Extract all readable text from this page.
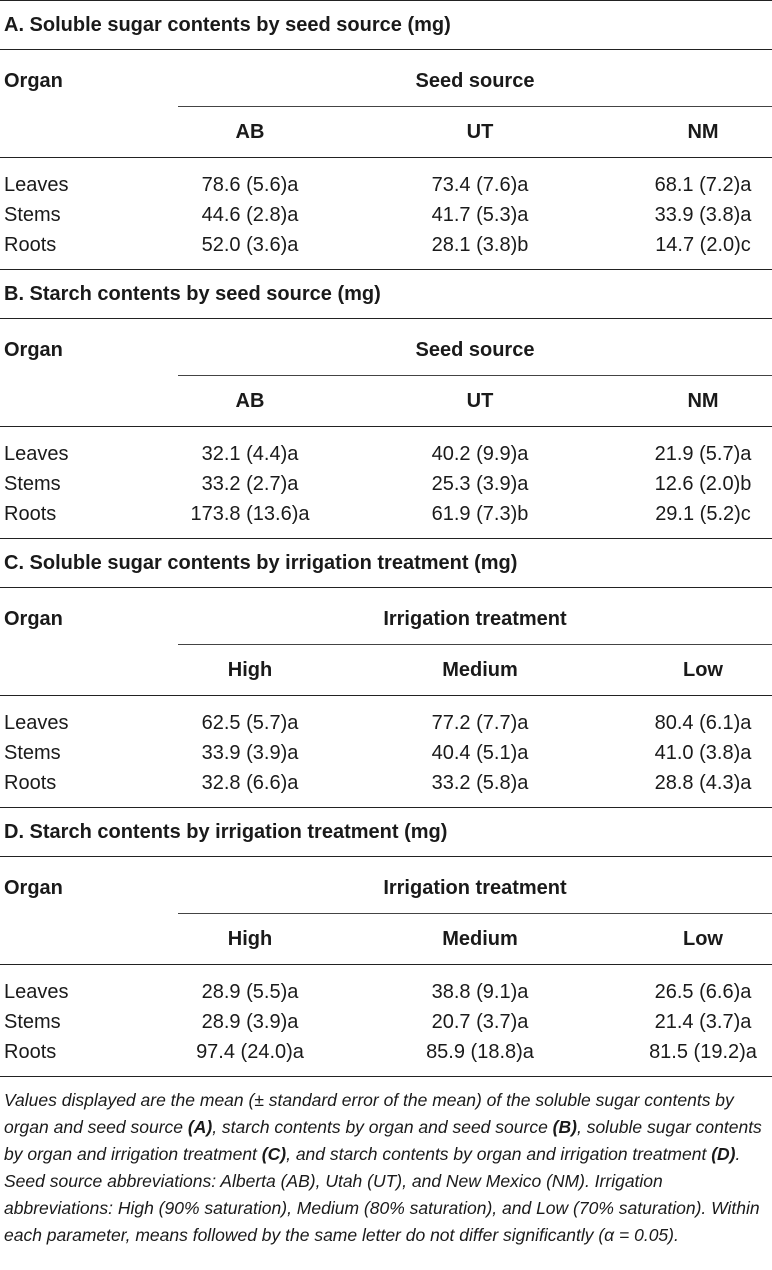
A. Soluble sugar contents by seed source (mg)
Organ	Seed source
AB	UT	NM
Leaves	78.6 (5.6)a	73.4 (7.6)a	68.1 (7.2)a
Stems	44.6 (2.8)a	41.7 (5.3)a	33.9 (3.8)a
Roots	52.0 (3.6)a	28.1 (3.8)b	14.7 (2.0)c
B. Starch contents by seed source (mg)
Organ	Seed source
AB	UT	NM
Leaves	32.1 (4.4)a	40.2 (9.9)a	21.9 (5.7)a
Stems	33.2 (2.7)a	25.3 (3.9)a	12.6 (2.0)b
Roots	173.8 (13.6)a	61.9 (7.3)b	29.1 (5.2)c
C. Soluble sugar contents by irrigation treatment (mg)
Organ	Irrigation treatment
High	Medium	Low
Leaves	62.5 (5.7)a	77.2 (7.7)a	80.4 (6.1)a
Stems	33.9 (3.9)a	40.4 (5.1)a	41.0 (3.8)a
Roots	32.8 (6.6)a	33.2 (5.8)a	28.8 (4.3)a
D. Starch contents by irrigation treatment (mg)
Organ	Irrigation treatment
High	Medium	Low
Leaves	28.9 (5.5)a	38.8 (9.1)a	26.5 (6.6)a
Stems	28.9 (3.9)a	20.7 (3.7)a	21.4 (3.7)a
Roots	97.4 (24.0)a	85.9 (18.8)a	81.5 (19.2)a
Values displayed are the mean (± standard error of the mean) of the soluble sugar contents by organ and seed source (A), starch contents by organ and seed source (B), soluble sugar contents by organ and irrigation treatment (C), and starch contents by organ and irrigation treatment (D). Seed source abbreviations: Alberta (AB), Utah (UT), and New Mexico (NM). Irrigation abbreviations: High (90% saturation), Medium (80% saturation), and Low (70% saturation). Within each parameter, means followed by the same letter do not differ significantly (α = 0.05).
